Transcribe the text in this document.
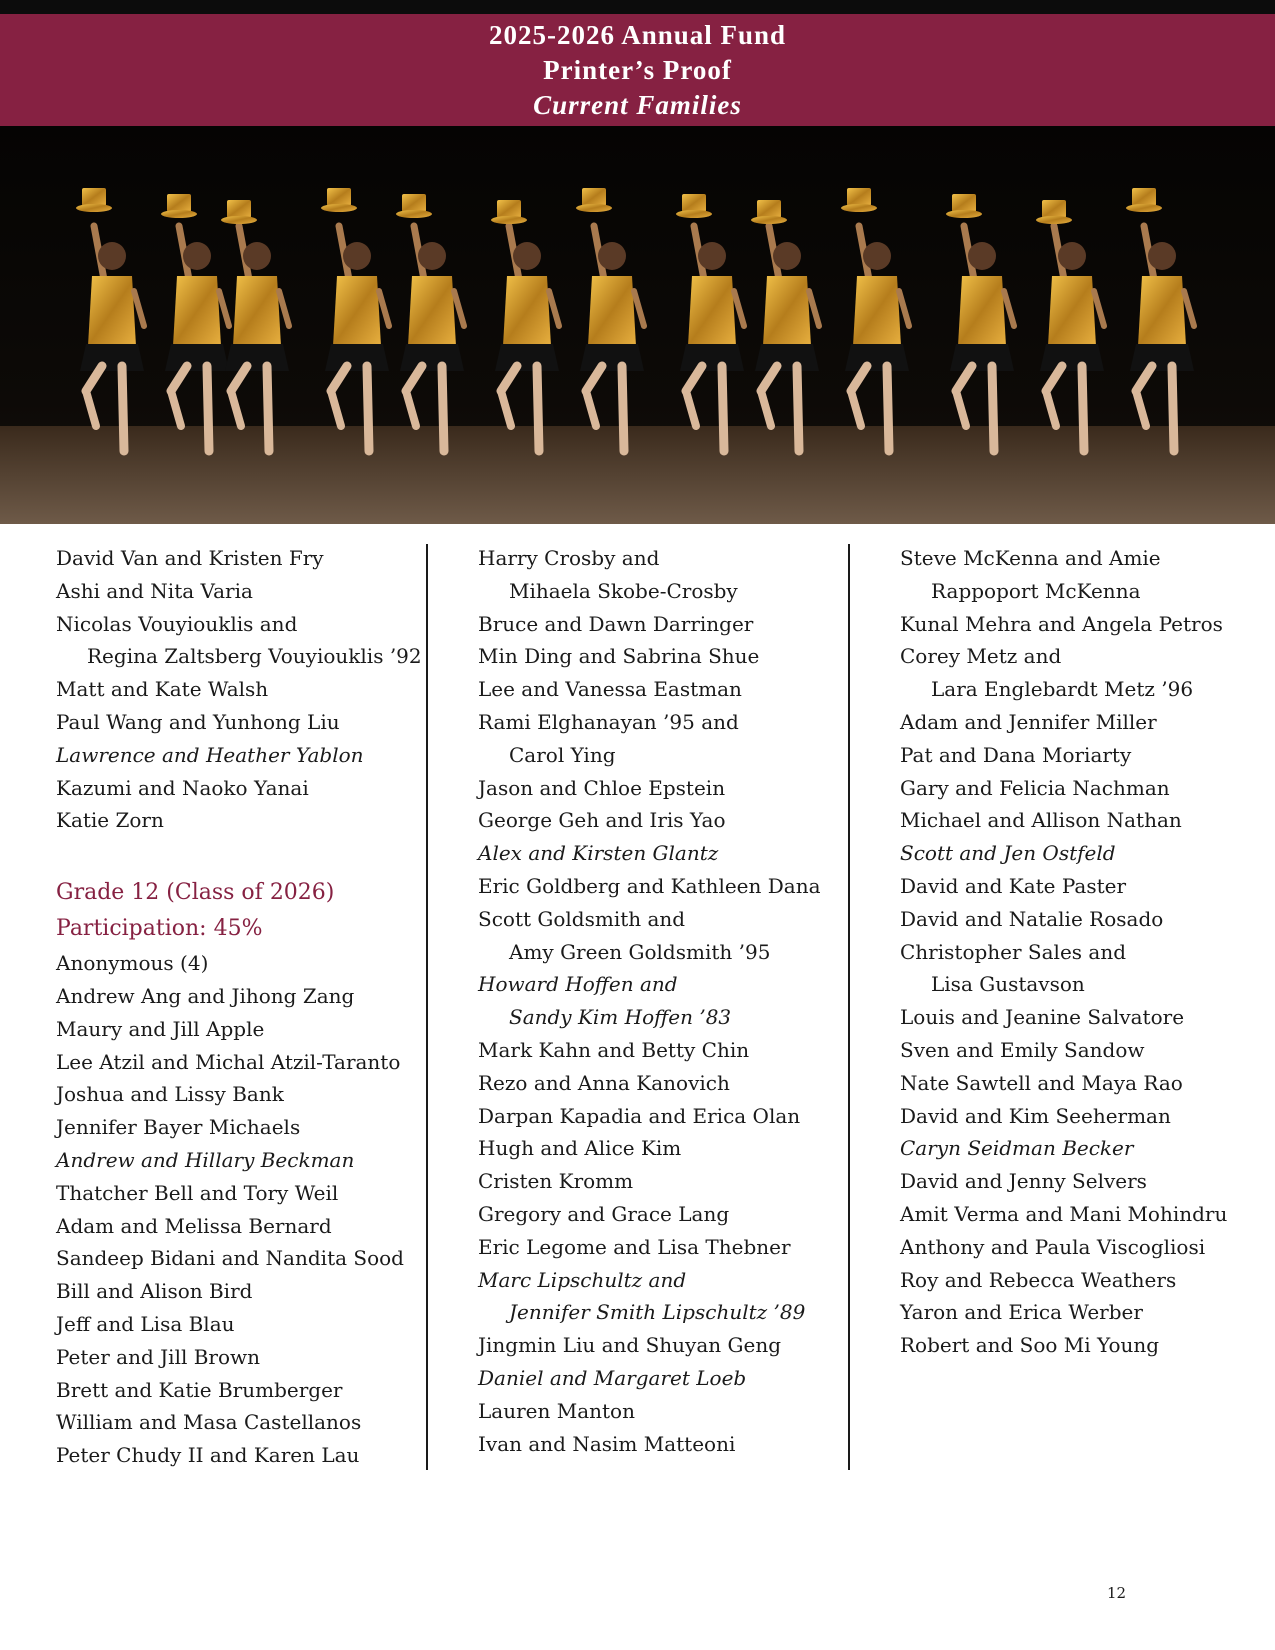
2025-2026 Annual Fund
Printer’s Proof
Current Families
David Van and Kristen Fry
Ashi and Nita Varia
Nicolas Vouyiouklis and
Regina Zaltsberg Vouyiouklis ’92
Matt and Kate Walsh
Paul Wang and Yunhong Liu
Lawrence and Heather Yablon
Kazumi and Naoko Yanai
Katie Zorn
Grade 12 (Class of 2026)
Participation: 45%
Anonymous (4)
Andrew Ang and Jihong Zang
Maury and Jill Apple
Lee Atzil and Michal Atzil-Taranto
Joshua and Lissy Bank
Jennifer Bayer Michaels
Andrew and Hillary Beckman
Thatcher Bell and Tory Weil
Adam and Melissa Bernard
Sandeep Bidani and Nandita Sood
Bill and Alison Bird
Jeff and Lisa Blau
Peter and Jill Brown
Brett and Katie Brumberger
William and Masa Castellanos
Peter Chudy II and Karen Lau
Harry Crosby and
Mihaela Skobe-Crosby
Bruce and Dawn Darringer
Min Ding and Sabrina Shue
Lee and Vanessa Eastman
Rami Elghanayan ’95 and
Carol Ying
Jason and Chloe Epstein
George Geh and Iris Yao
Alex and Kirsten Glantz
Eric Goldberg and Kathleen Dana
Scott Goldsmith and
Amy Green Goldsmith ’95
Howard Hoffen and
Sandy Kim Hoffen ’83
Mark Kahn and Betty Chin
Rezo and Anna Kanovich
Darpan Kapadia and Erica Olan
Hugh and Alice Kim
Cristen Kromm
Gregory and Grace Lang
Eric Legome and Lisa Thebner
Marc Lipschultz and
Jennifer Smith Lipschultz ’89
Jingmin Liu and Shuyan Geng
Daniel and Margaret Loeb
Lauren Manton
Ivan and Nasim Matteoni
Steve McKenna and Amie
Rappoport McKenna
Kunal Mehra and Angela Petros
Corey Metz and
Lara Englebardt Metz ’96
Adam and Jennifer Miller
Pat and Dana Moriarty
Gary and Felicia Nachman
Michael and Allison Nathan
Scott and Jen Ostfeld
David and Kate Paster
David and Natalie Rosado
Christopher Sales and
Lisa Gustavson
Louis and Jeanine Salvatore
Sven and Emily Sandow
Nate Sawtell and Maya Rao
David and Kim Seeherman
Caryn Seidman Becker
David and Jenny Selvers
Amit Verma and Mani Mohindru
Anthony and Paula Viscogliosi
Roy and Rebecca Weathers
Yaron and Erica Werber
Robert and Soo Mi Young
12
